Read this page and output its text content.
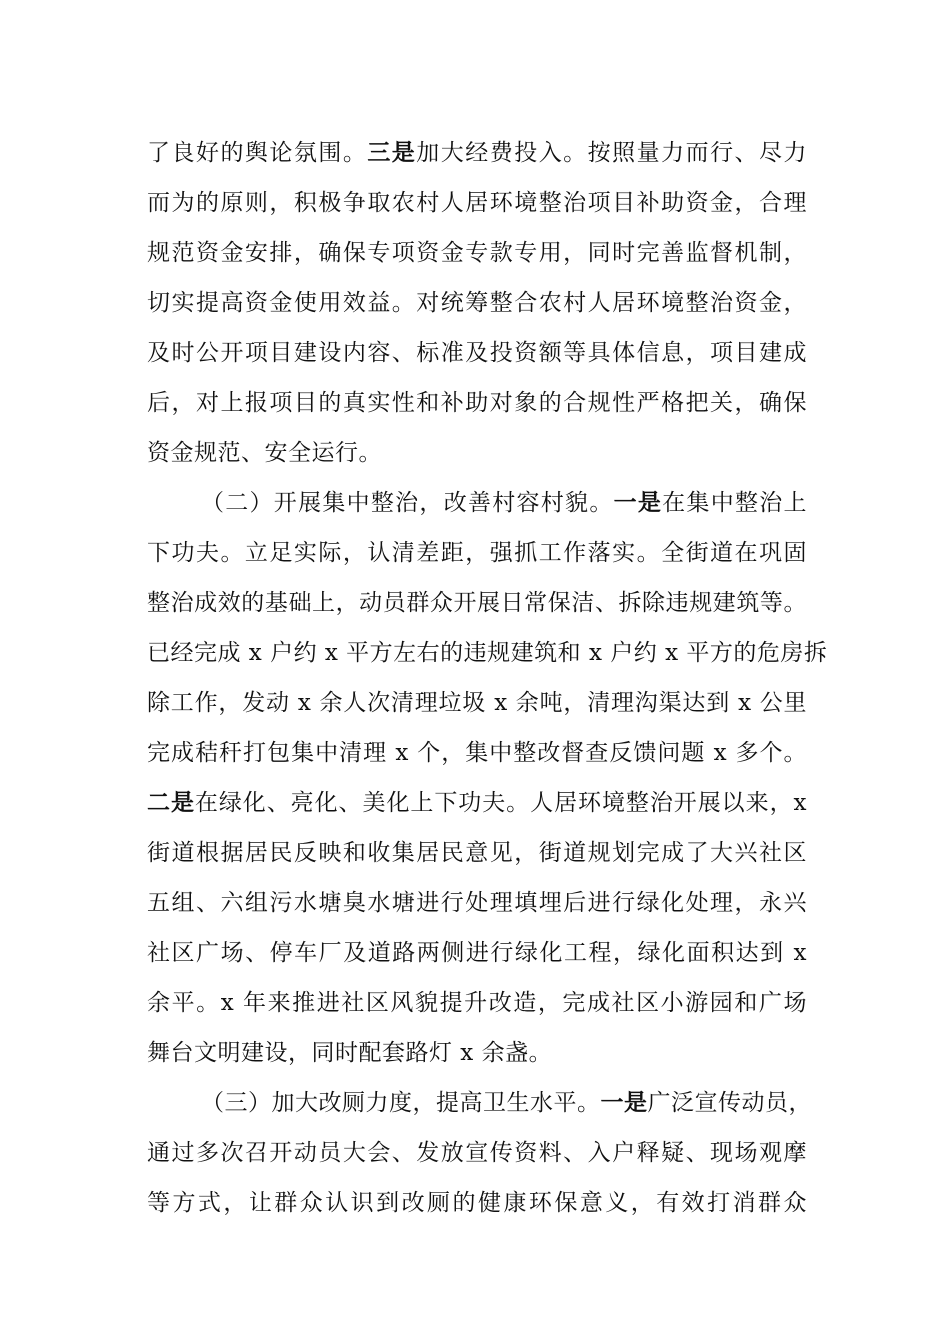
了良好的舆论氛围。三是加大经费投入。按照量力而行、尽力
而为的原则，积极争取农村人居环境整治项目补助资金，合理
规范资金安排，确保专项资金专款专用，同时完善监督机制，
切实提高资金使用效益。对统筹整合农村人居环境整治资金，
及时公开项目建设内容、标准及投资额等具体信息，项目建成
后，对上报项目的真实性和补助对象的合规性严格把关，确保
资金规范、安全运行。
（二）开展集中整治，改善村容村貌。一是在集中整治上
下功夫。立足实际，认清差距，强抓工作落实。全街道在巩固
整治成效的基础上，动员群众开展日常保洁、拆除违规建筑等。
已经完成 x 户约 x 平方左右的违规建筑和 x 户约 x 平方的危房拆
除工作，发动 x 余人次清理垃圾 x 余吨，清理沟渠达到 x 公里
完成秸秆打包集中清理 x 个，集中整改督查反馈问题 x 多个。
二是在绿化、亮化、美化上下功夫。人居环境整治开展以来，x
街道根据居民反映和收集居民意见，街道规划完成了大兴社区
五组、六组污水塘臭水塘进行处理填埋后进行绿化处理，永兴
社区广场、停车厂及道路两侧进行绿化工程，绿化面积达到 x
余平。x 年来推进社区风貌提升改造，完成社区小游园和广场
舞台文明建设，同时配套路灯 x 余盏。
（三）加大改厕力度，提高卫生水平。一是广泛宣传动员，
通过多次召开动员大会、发放宣传资料、入户释疑、现场观摩
等方式，让群众认识到改厕的健康环保意义，有效打消群众
